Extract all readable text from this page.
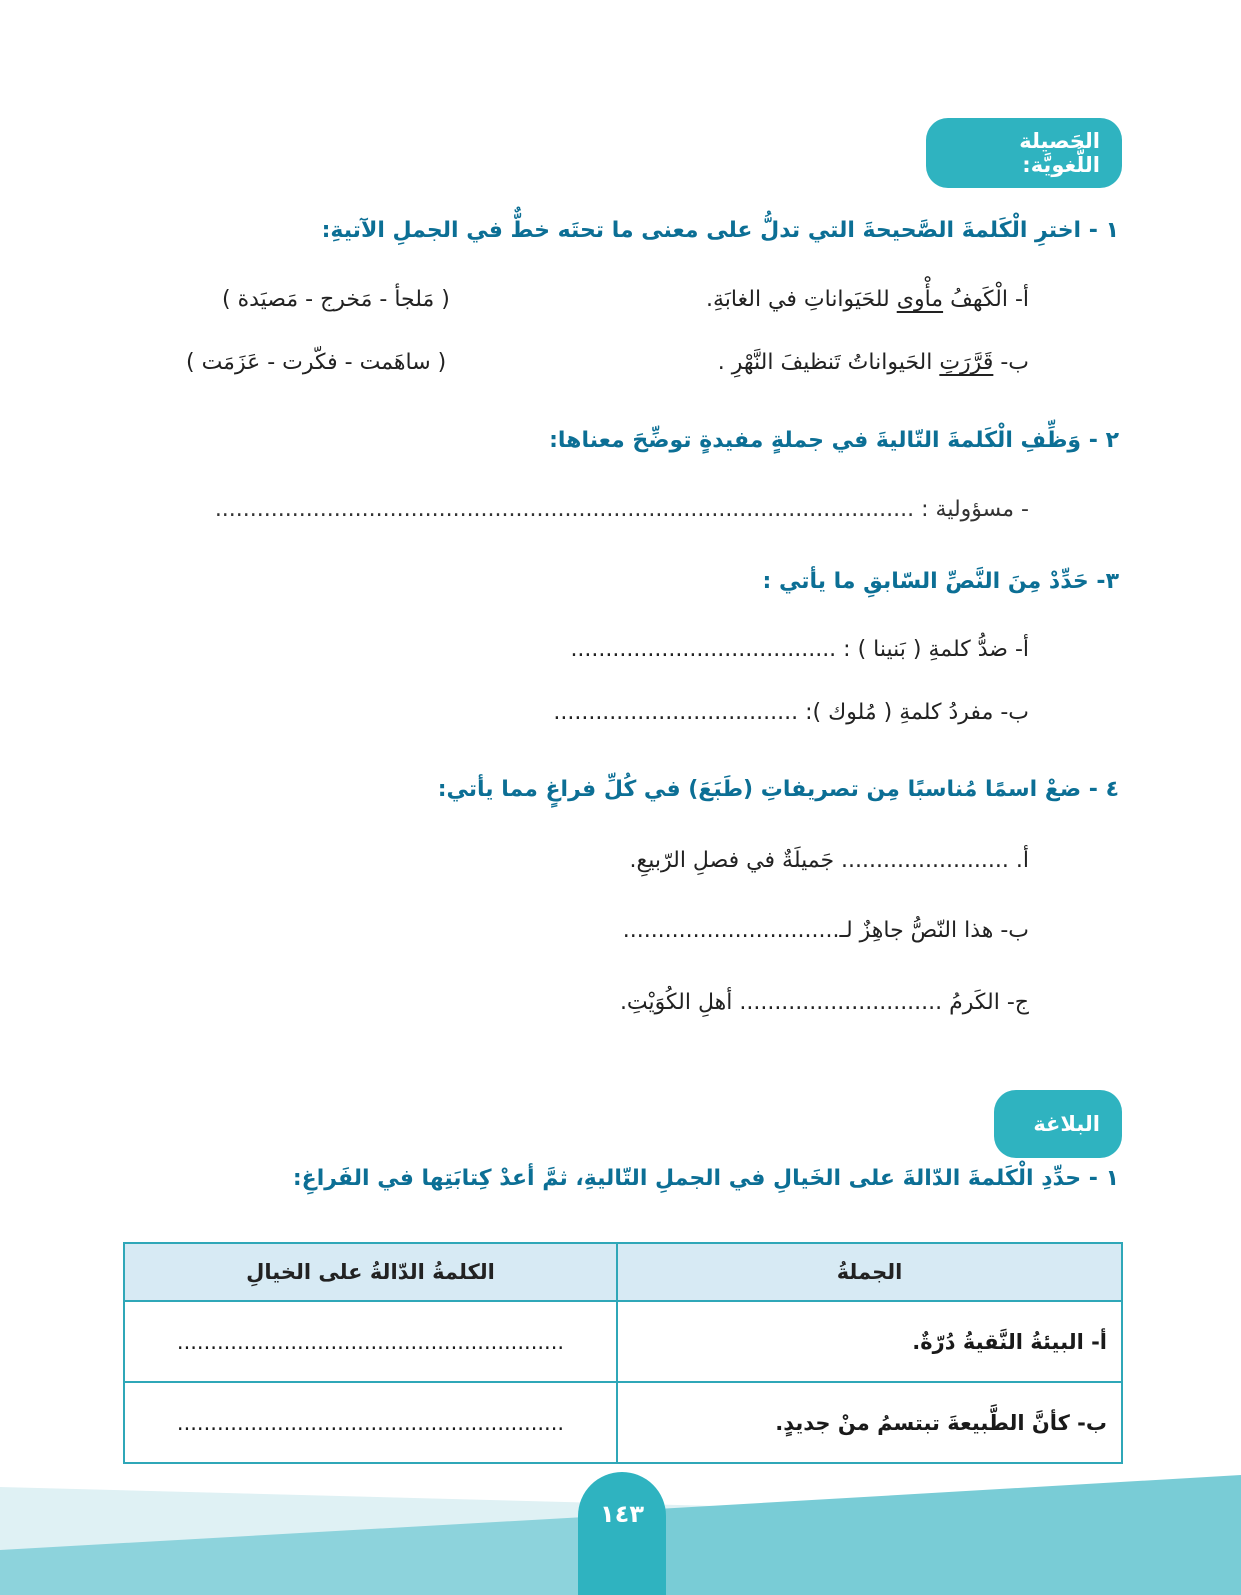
الحَصيلة اللُّغويَّة:
١ - اخترِ الْكَلمةَ الصَّحيحةَ التي تدلُّ على معنى ما تحتَه خطٌّ في الجملِ الآتيةِ:
أ- الْكَهفُ مأْوى للحَيَواناتِ في الغابَةِ.
( مَلجأ - مَخرج - مَصيَدة )
ب- قَرَّرَتِ الحَيواناتُ تَنظيفَ النَّهْرِ .
( ساهَمت - فكّرت - عَزَمَت )
٢ - وَظِّفِ الْكَلمةَ التّاليةَ في جملةٍ مفيدةٍ توضِّحَ معناها:
- مسؤولية : ....................................................................................................
٣- حَدِّدْ مِنَ النَّصِّ السّابقِ ما يأتي :
أ- ضدُّ كلمةِ ( بَنينا ) : ......................................
ب- مفردُ كلمةِ ( مُلوك ): ...................................
٤ - ضعْ اسمًا مُناسبًا مِن تصريفاتِ (طَبَعَ) في كُلِّ فراغٍ مما يأتي:
أ. ........................ جَميلَةٌ في فصلِ الرّبيعِ.
ب- هذا النّصُّ جاهِزٌ لـ...............................
ج- الكَرمُ ............................. أهلِ الكُوَيْتِ.
البلاغة
١ - حدِّدِ الْكَلمةَ الدّالةَ على الخَيالِ في الجملِ التّاليةِ، ثمَّ أعدْ كِتابَتِها في الفَراغِ:
الجملةُ	الكلمةُ الدّالةُ على الخيالِ
أ- البيئةُ النَّقيةُ دُرّةٌ.	..........................................................
ب- كأنَّ الطَّبيعةَ تبتسمُ منْ جديدٍ.	..........................................................
١٤٣
